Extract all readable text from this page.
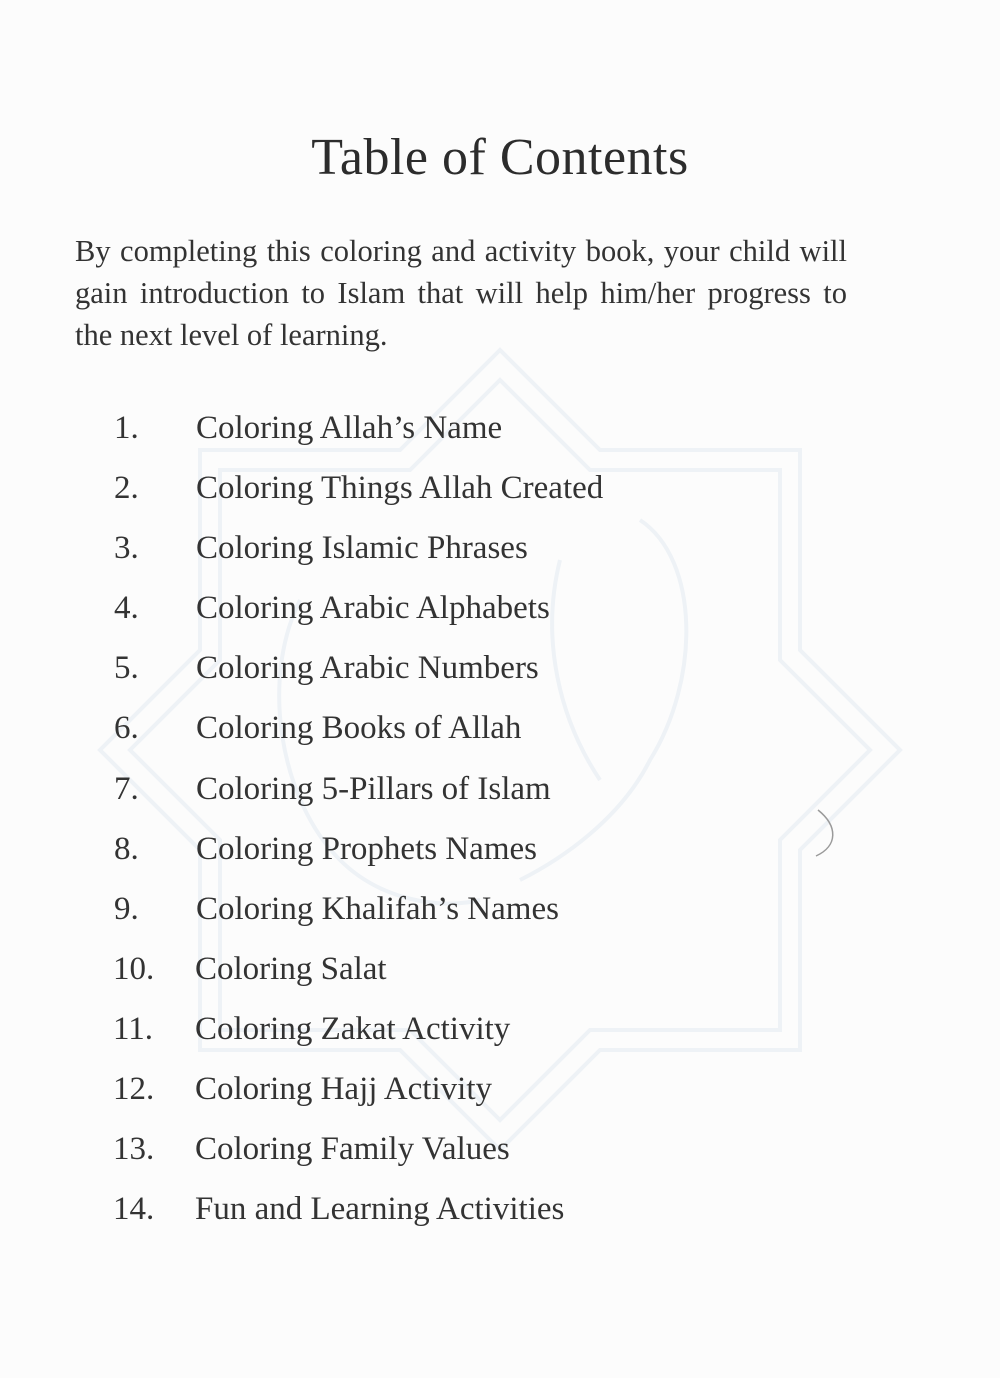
Table of Contents

By completing this coloring and activity book, your child will gain introduction to Islam that will help him/her progress to the next level of learning.

1. Coloring Allah’s Name
2. Coloring Things Allah Created
3. Coloring Islamic Phrases
4. Coloring Arabic Alphabets
5. Coloring Arabic Numbers
6. Coloring Books of Allah
7. Coloring 5-Pillars of Islam
8. Coloring Prophets Names
9. Coloring Khalifah’s Names
10. Coloring Salat
11. Coloring Zakat Activity
12. Coloring Hajj Activity
13. Coloring Family Values
14. Fun and Learning Activities
